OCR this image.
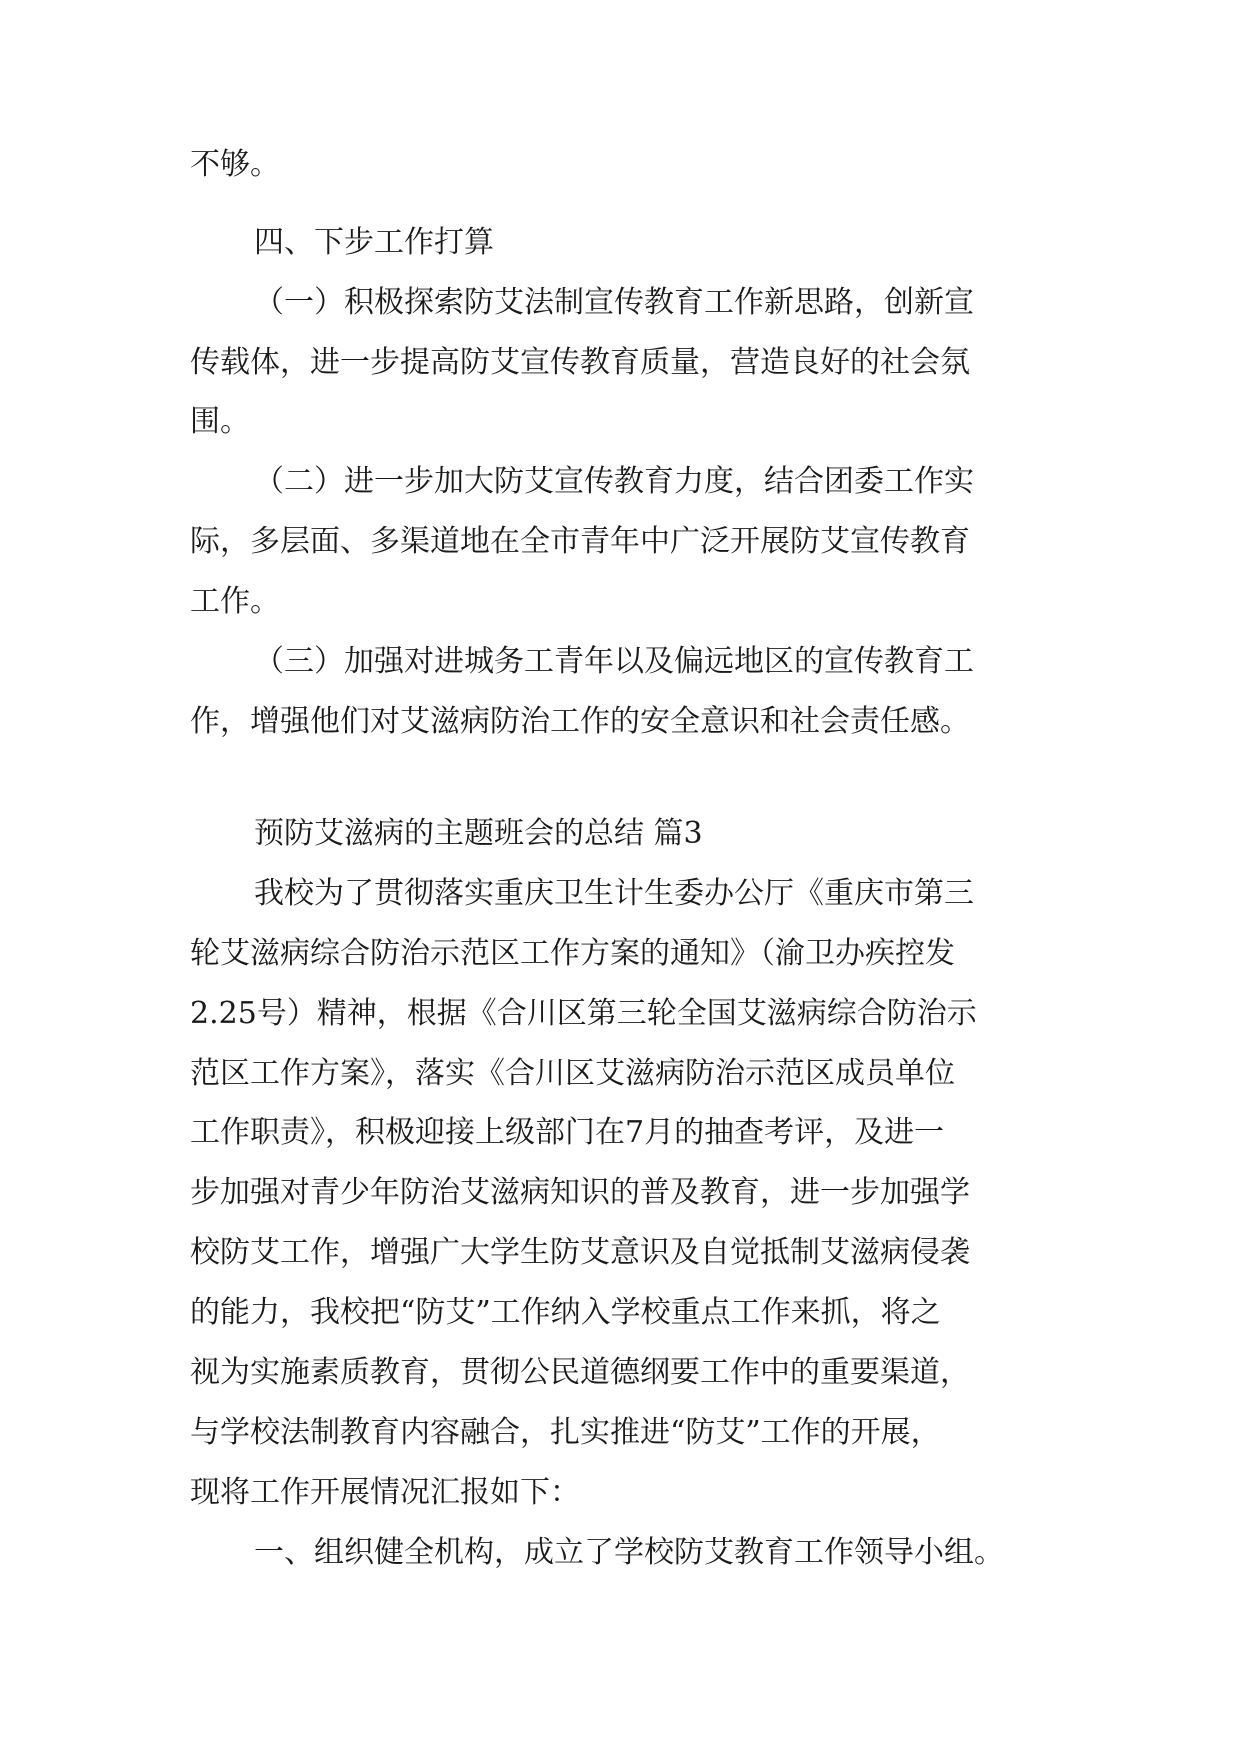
不够。
四、下步工作打算
（一）积极探索防艾法制宣传教育工作新思路，创新宣
传载体，进一步提高防艾宣传教育质量，营造良好的社会氛
围。
（二）进一步加大防艾宣传教育力度，结合团委工作实
际，多层面、多渠道地在全市青年中广泛开展防艾宣传教育
工作。
（三）加强对进城务工青年以及偏远地区的宣传教育工
作，增强他们对艾滋病防治工作的安全意识和社会责任感。
预防艾滋病的主题班会的总结 篇3
我校为了贯彻落实重庆卫生计生委办公厅《重庆市第三
轮艾滋病综合防治示范区工作方案的通知》（渝卫办疾控发
2.25号）精神，根据《合川区第三轮全国艾滋病综合防治示
范区工作方案》，落实《合川区艾滋病防治示范区成员单位
工作职责》，积极迎接上级部门在7月的抽查考评，及进一
步加强对青少年防治艾滋病知识的普及教育，进一步加强学
校防艾工作，增强广大学生防艾意识及自觉抵制艾滋病侵袭
的能力，我校把“防艾”工作纳入学校重点工作来抓，将之
视为实施素质教育，贯彻公民道德纲要工作中的重要渠道，
与学校法制教育内容融合，扎实推进“防艾”工作的开展，
现将工作开展情况汇报如下：
一、组织健全机构，成立了学校防艾教育工作领导小组。
